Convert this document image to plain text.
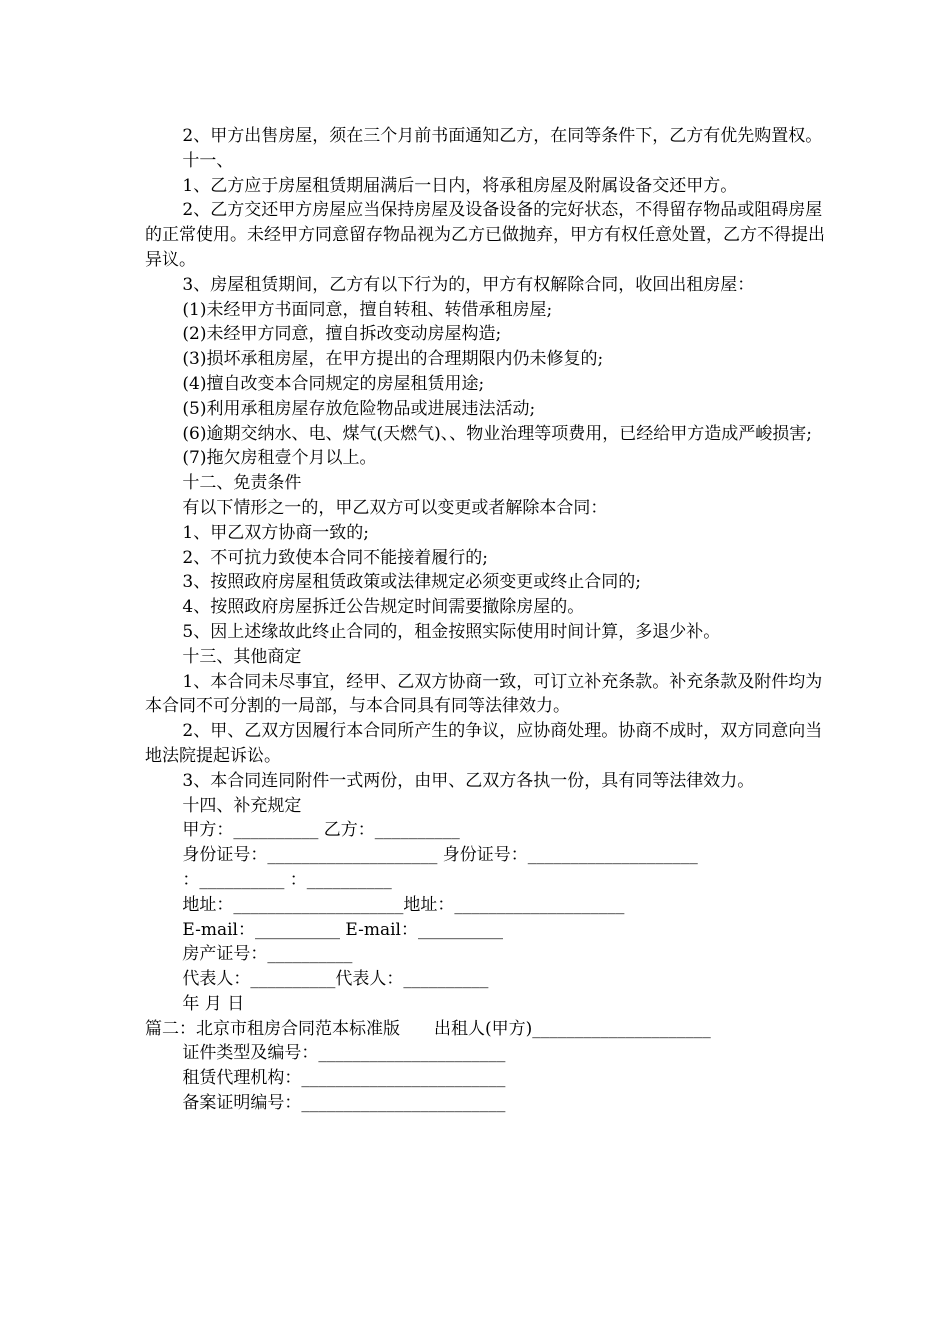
2、甲方出售房屋，须在三个月前书面通知乙方，在同等条件下，乙方有优先购置权。

十一、

1、乙方应于房屋租赁期届满后一日内，将承租房屋及附属设备交还甲方。

2、乙方交还甲方房屋应当保持房屋及设备设备的完好状态，不得留存物品或阻碍房屋的正常使用。未经甲方同意留存物品视为乙方已做抛弃，甲方有权任意处置，乙方不得提出异议。

3、房屋租赁期间，乙方有以下行为的，甲方有权解除合同，收回出租房屋：

(1)未经甲方书面同意，擅自转租、转借承租房屋;

(2)未经甲方同意，擅自拆改变动房屋构造;

(3)损坏承租房屋，在甲方提出的合理期限内仍未修复的;

(4)擅自改变本合同规定的房屋租赁用途;

(5)利用承租房屋存放危险物品或进展违法活动;

(6)逾期交纳水、电、煤气(天燃气)、、物业治理等项费用，已经给甲方造成严峻损害;

(7)拖欠房租壹个月以上。

十二、免责条件

有以下情形之一的，甲乙双方可以变更或者解除本合同：

1、甲乙双方协商一致的;

2、不可抗力致使本合同不能接着履行的;

3、按照政府房屋租赁政策或法律规定必须变更或终止合同的;

4、按照政府房屋拆迁公告规定时间需要撤除房屋的。

5、因上述缘故此终止合同的，租金按照实际使用时间计算，多退少补。

十三、其他商定

1、本合同未尽事宜，经甲、乙双方协商一致，可订立补充条款。补充条款及附件均为本合同不可分割的一局部，与本合同具有同等法律效力。

2、甲、乙双方因履行本合同所产生的争议，应协商处理。协商不成时，双方同意向当地法院提起诉讼。

3、本合同连同附件一式两份，由甲、乙双方各执一份，具有同等法律效力。

十四、补充规定

甲方：__________ 乙方：__________

身份证号：____________________ 身份证号：____________________

：__________ ：__________

地址：____________________地址：____________________

E-mail：__________ E-mail：__________

房产证号：__________

代表人：__________代表人：__________

年 月 日

篇二：北京市租房合同范本标准版　　出租人(甲方)_____________________

证件类型及编号：______________________

租赁代理机构：________________________

备案证明编号：________________________
